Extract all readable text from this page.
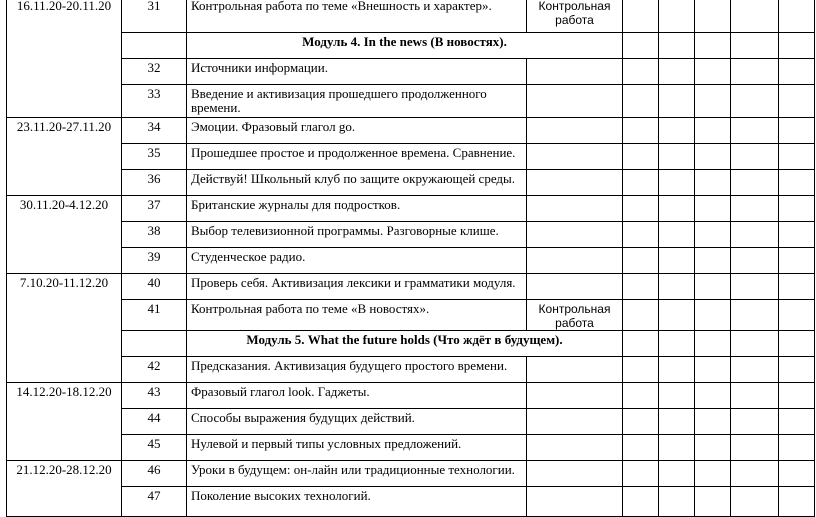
16.11.20-20.11.20	31	Контрольная работа по теме «Внешность и характер».	Контрольная
работа					
		Модуль 4. In the news (В новостях).						
	32	Источники информации.						
	33	Введение и активизация прошедшего продолженного времени.						
23.11.20-27.11.20	34	Эмоции. Фразовый глагол go.						
	35	Прошедшее простое и продолженное времена. Сравнение.						
	36	Действуй! Школьный клуб по защите окружающей среды.						
30.11.20-4.12.20	37	Британские журналы для подростков.						
	38	Выбор телевизионной программы. Разговорные клише.						
	39	Студенческое радио.						
7.10.20-11.12.20	40	Проверь себя. Активизация лексики и грамматики модуля.						
	41	Контрольная работа по теме «В новостях».	Контрольная
работа					
		Модуль 5. What the future holds (Что ждёт в будущем).						
	42	Предсказания. Активизация будущего простого времени.						
14.12.20-18.12.20	43	Фразовый глагол look. Гаджеты.						
	44	Способы выражения будущих действий.						
	45	Нулевой и первый типы условных предложений.						
21.12.20-28.12.20	46	Уроки в будущем: он-лайн или традиционные технологии.						
	47	Поколение высоких технологий.						
